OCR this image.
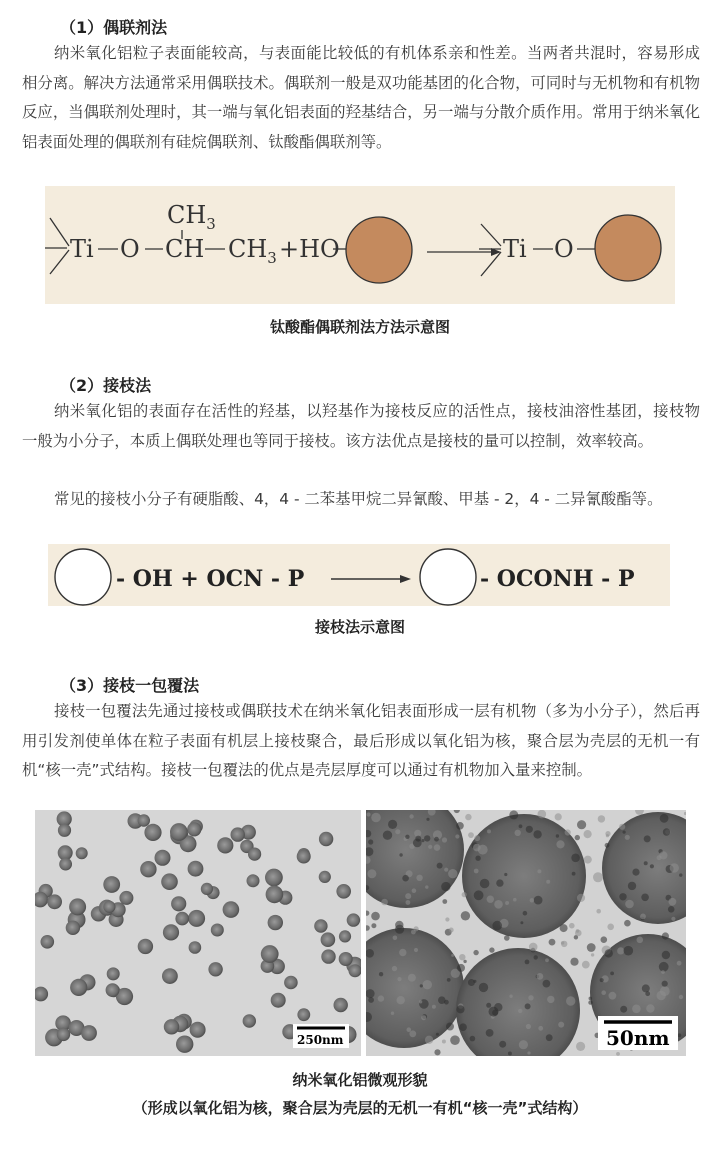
（1）偶联剂法

纳米氧化铝粒子表面能较高，与表面能比较低的有机体系亲和性差。当两者共混时，容易形成相分离。解决方法通常采用偶联技术。偶联剂一般是双功能基团的化合物，可同时与无机物和有机物反应，当偶联剂处理时，其一端与氧化铝表面的羟基结合，另一端与分散介质作用。常用于纳米氧化铝表面处理的偶联剂有硅烷偶联剂、钛酸酯偶联剂等。

Ti O
$CH_3$
CH $CH_3 +HO$	Ti O
钛酸酯偶联剂法方法示意图
（2）接枝法

纳米氧化铝的表面存在活性的羟基，以羟基作为接枝反应的活性点，接枝油溶性基团，接枝物一般为小分子，本质上偶联处理也等同于接枝。该方法优点是接枝的量可以控制，效率较高。

常见的接枝小分子有硬脂酸、4，4 - 二苯基甲烷二异氰酸、甲基 - 2，4 - 二异氰酸酯等。

- OH + OCN - P	- OCONH - P
接枝法示意图
（3）接枝一包覆法

接枝一包覆法先通过接枝或偶联技术在纳米氧化铝表面形成一层有机物（多为小分子），然后再用引发剂使单体在粒子表面有机层上接枝聚合，最后形成以氧化铝为核，聚合层为壳层的无机一有机“核一壳”式结构。接枝一包覆法的优点是壳层厚度可以通过有机物加入量来控制。

250nm	50nm
纳米氧化铝微观形貌
（形成以氧化铝为核，聚合层为壳层的无机一有机“核一壳”式结构）
